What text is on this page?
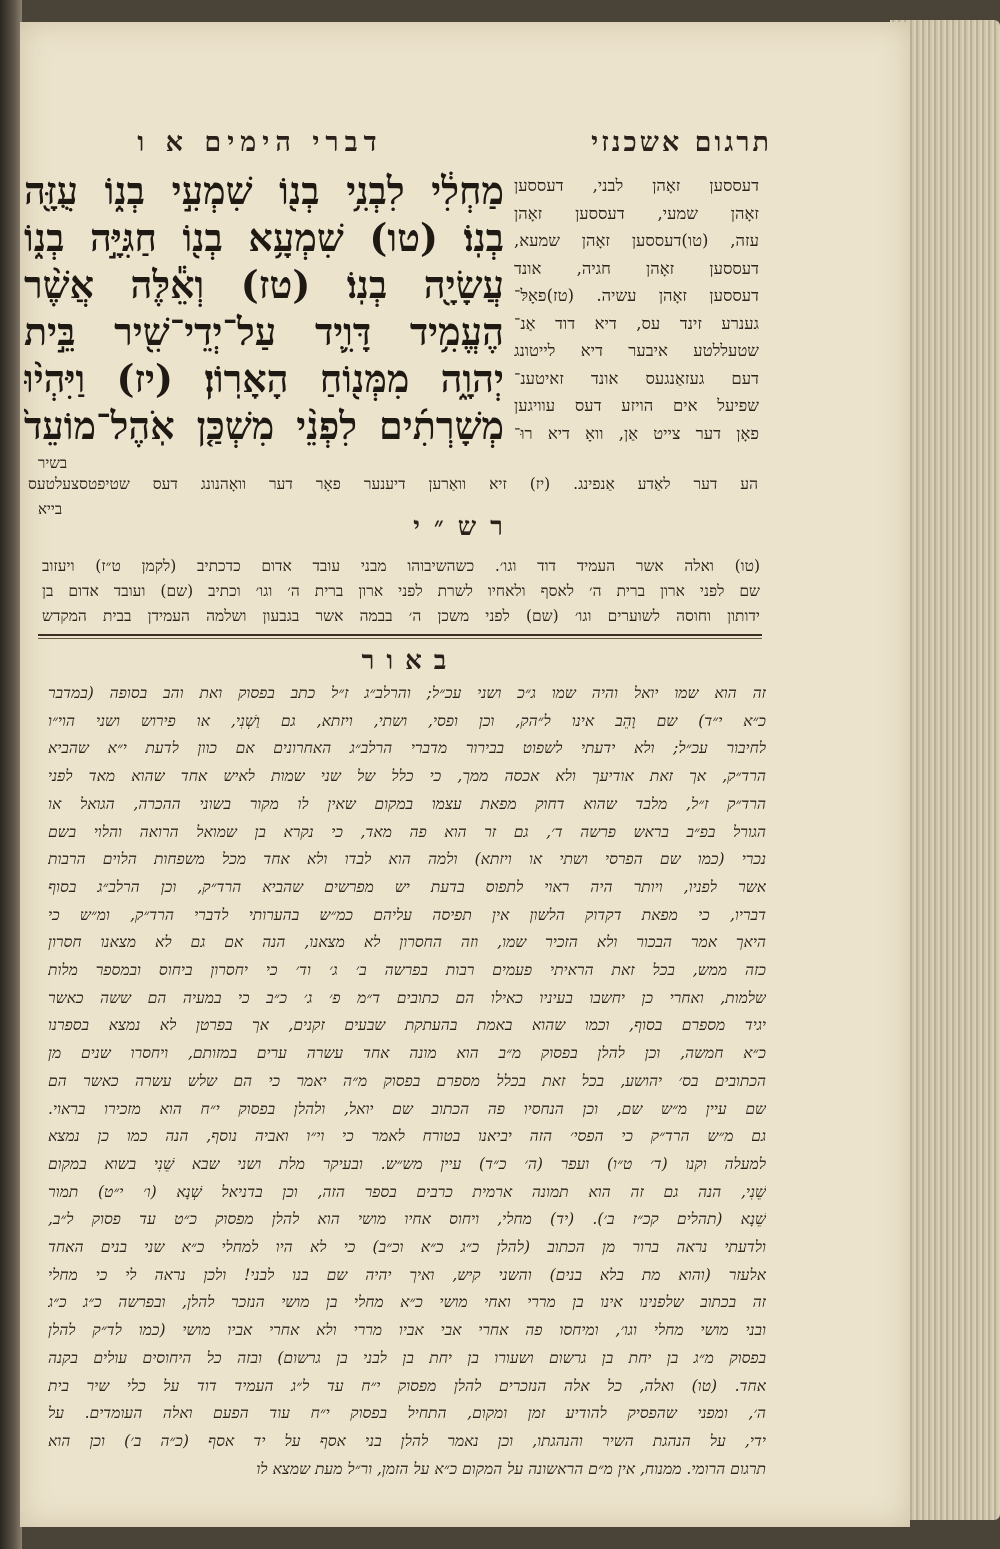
תרגום אשכנזי
דברי הימים א ו
מַחְלִ֔י לִבְנִ֥י בְנ֖וֹ שִׁמְעִ֣י בְנ֑וֹ עֻזָּ֖ה
בְנֽוֹ׃ (טו) שִׁמְעָ֥א בְנ֖וֹ חַגִּיָּ֣ה בְנ֑וֹ
עֲשָׂיָ֖ה בְנֽוֹ׃ (טז) וְאֵ֕לֶּה אֲשֶׁ֨ר
הֶעֱמִ֥יד דָּוִ֛יד עַל־יְדֵי־שִׁ֖יר בֵּ֣ית
יְהוָ֑ה מִמְּנ֖וֹחַ הָאָרֽוֹן׃ (יז) וַיִּהְי֨וּ
מְשָׁרְתִ֜ים לִפְנֵ֨י מִשְׁכַּ֤ן אֹֽהֶל־מוֹעֵד֙
דעססען זאָהן לבני, דעססען
זאָהן שמעי, דעססען זאָהן
עזה, (טו)דעססען זאָהן שמעא,
דעססען זאָהן חגיה, אונד
דעססען זאָהן עשיה. (טז)פאָלּ־
גענרע זינד עס, דיא דוד אַנ־
שטעללטע איבער דיא לייטונג
דעם געזאַנגעס אונד זאיטענ־
שפיעל אים הויזע דעס עוויגען
פאָן דער צייט אַן, וואָ דיא רוּ־
בשיר
הע דער לאַדע אַנפינג. (יז) זיא וואַרען דיענער פאָר דער וואָהנונג דעס שטיפטסצעלטעס
בייא
רש״י
(טו) ואלה אשר העמיד דוד וגו׳. כשהשיבוהו מבני עובד אדום כדכתיב (לקמן ט״ז) ויעזוב
שם לפני ארון ברית ה׳ לאסף ולאחיו לשרת לפני ארון ברית ה׳ וגו׳ וכתיב (שם) ועובד אדום בן
ידותון וחוסה לשוערים וגו׳ (שם) לפני משכן ה׳ בבמה אשר בגבעון ושלמה העמידן בבית המקדש
באור
זה הוא שמו יואל והיה שמו ג״כ ושני עכ״ל; והרלב״ג ז״ל כתב בפסוק ואת והב בסופה (במדבר
כ״א י״ד) שם וָהֵב אינו ל״הק, וכן ופסי, ושתי, ויזתא, גם וַשְׁנִי, או פירוש ושני הוי״ו
לחיבור עכ״ל; ולא ידעתי לשפוט בבירור מדברי הרלב״ג האחרונים אם כוון לדעת י״א שהביא
הרד״ק, אך זאת אודיעך ולא אכסה ממך, כי כלל של שני שמות לאיש אחד שהוא מאד לפני
הרד״ק ז״ל, מלבד שהוא דחוק מפאת עצמו במקום שאין לו מקור בשוני ההכרה, הגואל או
הגורל בפ״ב בראש פרשה ד׳, גם זר הוא פה מאד, כי נקרא בן שמואל הרואה והלוי בשם
נכרי (כמו שם הפרסי ושתי או ויזתא) ולמה הוא לבדו ולא אחד מכל משפחות הלוים הרבות
אשר לפניו, ויותר היה ראוי לתפוס בדעת יש מפרשים שהביא הרד״ק, וכן הרלב״ג בסוף
דבריו, כי מפאת דקדוק הלשון אין תפיסה עליהם כמ״ש בהערותי לדברי הרד״ק, ומ״ש כי
היאך אמר הבכור ולא הזכיר שמו, וזה החסרון לא מצאנו, הנה אם גם לא מצאנו חסרון
כזה ממש, בכל זאת הראיתי פעמים רבות בפרשה ב׳ ג׳ וד׳ כי יחסרון ביחוס ובמספר מלות
שלמות, ואחרי כן יחשבו בעיניו כאילו הם כתובים ד״מ פ׳ ג׳ כ״ב כי במעיה הם ששה כאשר
יגיד מספרם בסוף, וכמו שהוא באמת בהעתקת שבעים זקנים, אך בפרטן לא נמצא בספרנו
כ״א חמשה, וכן להלן בפסוק מ״ב הוא מונה אחד עשרה ערים במזותם, ויחסרו שנים מן
הכתובים בס׳ יהושע, בכל זאת בכלל מספרם בפסוק מ״ה יאמר כי הם שלש עשרה כאשר הם
שם עיין מ״ש שם, וכן הנחסיו פה הכתוב שם יואל, ולהלן בפסוק י״ח הוא מזכירו בראוי.
גם מ״ש הרד״ק כי הפסי׳ הזה יביאנו בטורח לאמר כי וי״ו ואביה נוסף, הנה כמו כן נמצא
למעלה וקנו (ד׳ ט״ו) ועפר (ה׳ כ״ד) עיין מש״ש. ובעיקר מלת ושני שבא שֵׁנִי בשוא במקום
שֵׁנִי, הנה גם זה הוא תמונה ארמית כרבים בספר הזה, וכן בדניאל שְׁנָא (ו׳ י״ט) תמור
שֵׁנָא (תהלים קכ״ז ב׳). (יד) מחלי, ויחוס אחיו מושי הוא להלן מפסוק כ״ט עד פסוק ל״ב,
ולדעתי נראה ברור מן הכתוב (להלן כ״ג כ״א וכ״ב) כי לא היו למחלי כ״א שני בנים האחד
אלעזר (והוא מת בלא בנים) והשני קיש, ואיך יהיה שם בנו לבני! ולכן נראה לי כי מחלי
זה בכתוב שלפנינו אינו בן מררי ואחי מושי כ״א מחלי בן מושי הנזכר להלן, ובפרשה כ״ג כ״ג
ובני מושי מחלי וגו׳, ומיחסו פה אחרי אבי אביו מררי ולא אחרי אביו מושי (כמו לד״ק להלן
בפסוק מ״ג בן יחת בן גרשום ושעורו בן יחת בן לבני בן גרשום) ובזה כל היחוסים עולים בקנה
אחד. (טו) ואלה, כל אלה הנזכרים להלן מפסוק י״ח עד ל״ג העמיד דוד על כלי שיר בית
ה׳, ומפני שהפסיק להודיע זמן ומקום, התחיל בפסוק י״ח עוד הפעם ואלה העומדים. על
ידי, על הנהגת השיר והנהגתו, וכן נאמר להלן בני אסף על יד אסף (כ״ה ב׳) וכן הוא
תרגום הרומי. ממנוח, אין מ״ם הראשונה על המקום כ״א על הזמן, ור״ל מעת שמצא לו
